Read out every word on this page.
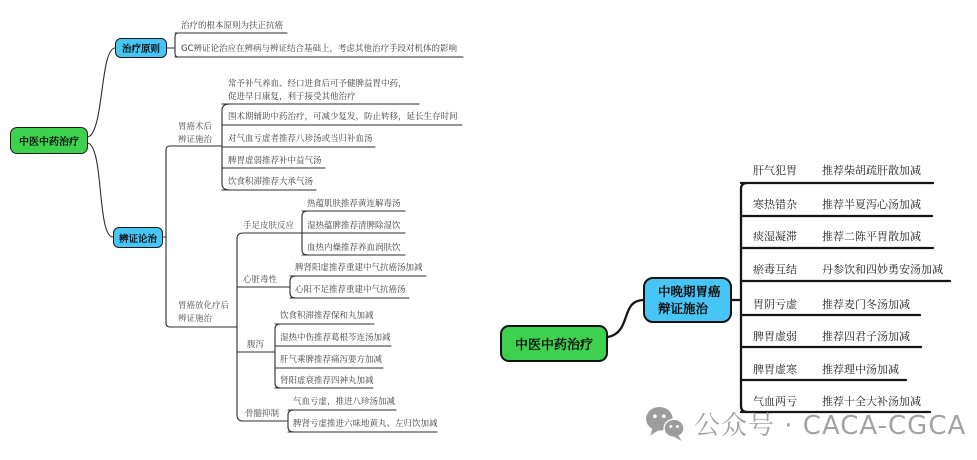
中医中药治疗
治疗原则
治疗的根本原则为扶正抗癌
GC辨证论治应在辨病与辨证结合基础上，考虑其他治疗手段对机体的影响
辨证论治
胃癌术后
辨证施治
常予补气养血、经口进食后可予健脾益胃中药，
促进早日康复，利于接受其他治疗
围术期辅助中药治疗，可减少复发，防止转移，延长生存时间
对气血亏虚者推荐八珍汤或当归补血汤
脾胃虚弱推荐补中益气汤
饮食积滞推荐大承气汤
胃癌放化疗后
辨证施治
手足皮肤反应
热蕴肌肤推荐黄连解毒汤
湿热蕴脾推荐清脾除湿饮
血热内燥推荐养血润肤饮
心脏毒性
脾肾阳虚推荐重建中气抗癌汤加减
心阳不足推荐重建中气抗癌汤
腹泻
饮食积滞推荐保和丸加减
湿热中伤推荐葛根芩连汤加减
肝气乘脾推荐痛泻要方加减
肾阳虚衰推荐四神丸加减
骨髓抑制
气血亏虚，推进八珍汤加减
脾肾亏虚推进六味地黄丸、左归饮加减
中医中药治疗
中晚期胃癌
辩证施治
肝气犯胃 推荐柴胡疏肝散加减
寒热错杂 推荐半夏泻心汤加减
痰湿凝滞 推荐二陈平胃散加减
瘀毒互结 丹参饮和四妙勇安汤加减
胃阴亏虚 推荐麦门冬汤加减
脾胃虚弱 推荐四君子汤加减
脾胃虚寒 推荐理中汤加减
气血两亏 推荐十全大补汤加减
公众号 · CACA-CGCA
